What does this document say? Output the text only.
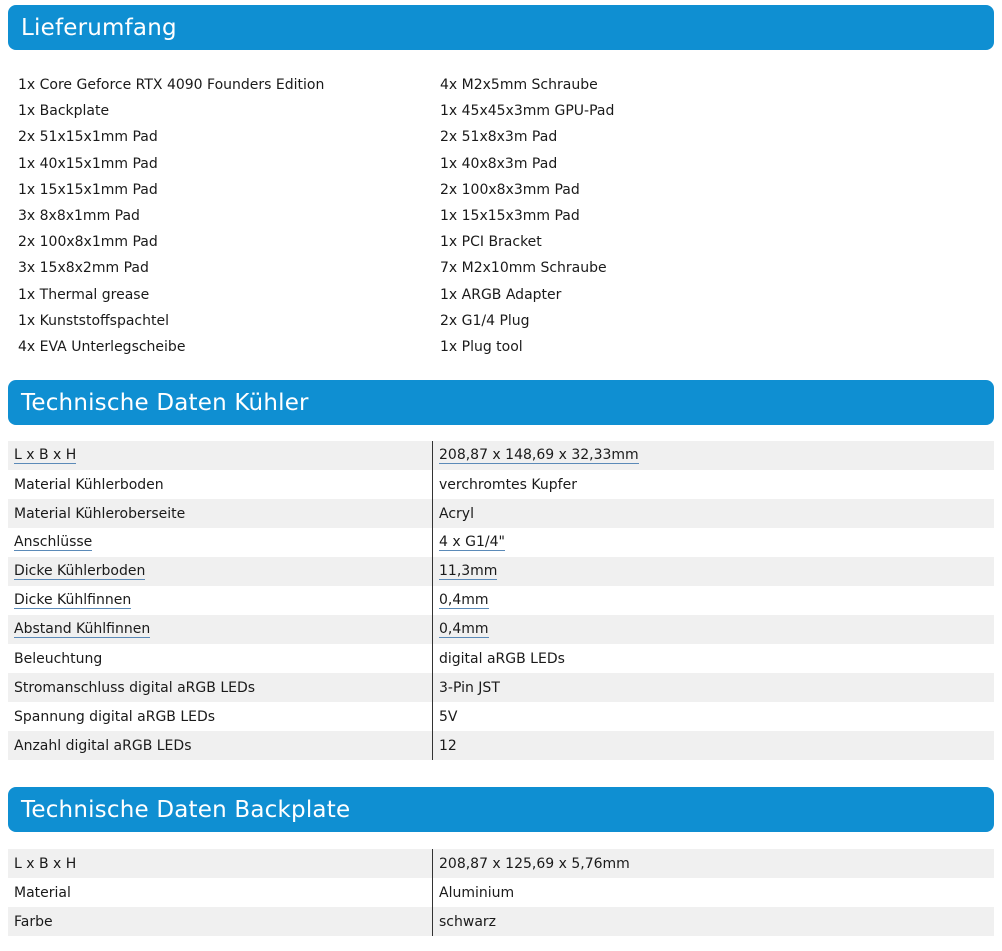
Lieferumfang
1x Core Geforce RTX 4090 Founders Edition	4x M2x5mm Schraube
1x Backplate	1x 45x45x3mm GPU-Pad
2x 51x15x1mm Pad	2x 51x8x3m Pad
1x 40x15x1mm Pad	1x 40x8x3m Pad
1x 15x15x1mm Pad	2x 100x8x3mm Pad
3x 8x8x1mm Pad	1x 15x15x3mm Pad
2x 100x8x1mm Pad	1x PCI Bracket
3x 15x8x2mm Pad	7x M2x10mm Schraube
1x Thermal grease	1x ARGB Adapter
1x Kunststoffspachtel	2x G1/4 Plug
4x EVA Unterlegscheibe	1x Plug tool
Technische Daten Kühler
L x B x H	208,87 x 148,69 x 32,33mm
Material Kühlerboden	verchromtes Kupfer
Material Kühleroberseite	Acryl
Anschlüsse	4 x G1/4"
Dicke Kühlerboden	11,3mm
Dicke Kühlfinnen	0,4mm
Abstand Kühlfinnen	0,4mm
Beleuchtung	digital aRGB LEDs
Stromanschluss digital aRGB LEDs	3-Pin JST
Spannung digital aRGB LEDs	5V
Anzahl digital aRGB LEDs	12
Technische Daten Backplate
L x B x H	208,87 x 125,69 x 5,76mm
Material	Aluminium
Farbe	schwarz
